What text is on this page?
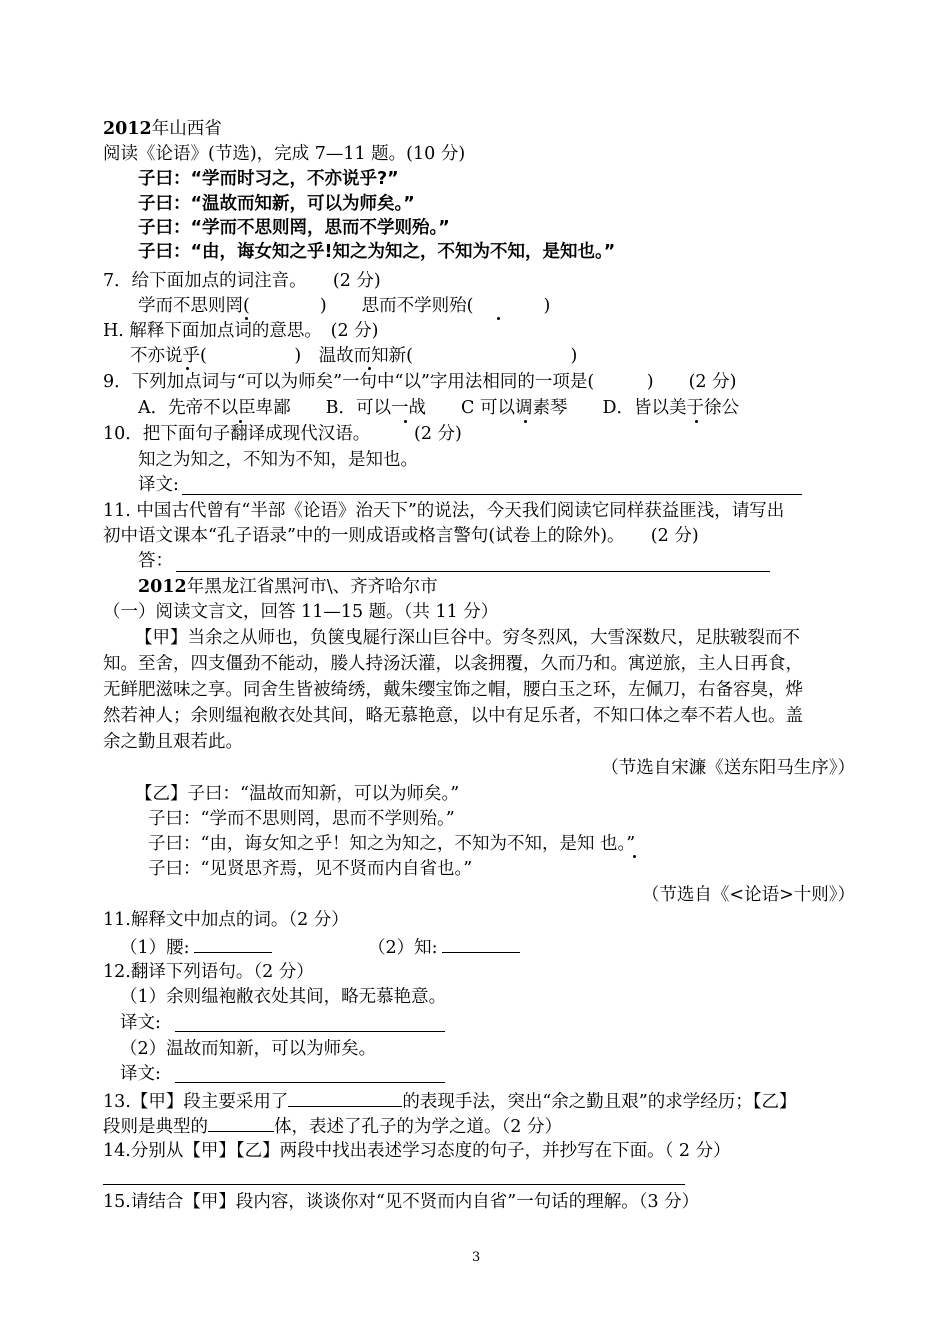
2012年山西省
阅读《论语》(节选)，完成 7—11 题。(10 分)
子曰：“学而时习之，不亦说乎?”
子曰：“温故而知新，可以为师矣。”
子曰：“学而不思则罔，思而不学则殆。”
子曰：“由，诲女知之乎!知之为知之，不知为不知，是知也。”
7．给下面加点的词注音。　　(2 分)
学而不思则罔(　　　　)　　思而不学则殆(　　　　)
H. 解释下面加点词的意思。　(2 分)
不亦说乎(　　　　　)　温故而知新(　　　　　　　　　)
9．下列加点词与“可以为师矣”一句中“以”字用法相同的一项是(　　　)　　(2 分)
A．先帝不以臣卑鄙　　B．可以一战　　C 可以调素琴　　D．皆以美于徐公
10．把下面句子翻译成现代汉语。　　　(2 分)
知之为知之，不知为不知，是知也。
译文:
11. 中国古代曾有“半部《论语》治天下”的说法，今天我们阅读它同样获益匪浅，请写出
初中语文课本“孔子语录”中的一则成语或格言警句(试卷上的除外)。　　(2 分)
答：
2012年黑龙江省黑河市\、齐齐哈尔市
（一）阅读文言文，回答 11—15 题。（共 11 分）
【甲】当余之从师也，负箧曳屣行深山巨谷中。穷冬烈风，大雪深数尺，足肤皲裂而不
知。至舍，四支僵劲不能动，媵人持汤沃灌，以衾拥覆，久而乃和。寓逆旅，主人日再食，
无鲜肥滋味之享。同舍生皆被绮绣，戴朱缨宝饰之帽，腰白玉之环，左佩刀，右备容臭，烨
然若神人；余则缊袍敝衣处其间，略无慕艳意，以中有足乐者，不知口体之奉不若人也。盖
余之勤且艰若此。
（节选自宋濂《送东阳马生序》）
【乙】子曰：“温故而知新，可以为师矣。”
子曰：“学而不思则罔，思而不学则殆。”
子曰：“由，诲女知之乎！知之为知之，不知为不知，是知 也。”
子曰：“见贤思齐焉，见不贤而内自省也。”
（节选自《<论语>十则》）
11.解释文中加点的词。（2 分）
（1）腰:	（2）知:
12.翻译下列语句。（2 分）
（1）余则缊袍敝衣处其间，略无慕艳意。
译文:
（2）温故而知新，可以为师矣。
译文:
13.【甲】段主要采用了	的表现手法，突出“余之勤且艰”的求学经历；【乙】
段则是典型的	体，表述了孔子的为学之道。（2 分）
14.分别从【甲】【乙】两段中找出表述学习态度的句子，并抄写在下面。（ 2 分）
15.请结合【甲】段内容，谈谈你对“见不贤而内自省”一句话的理解。（3 分）
3
